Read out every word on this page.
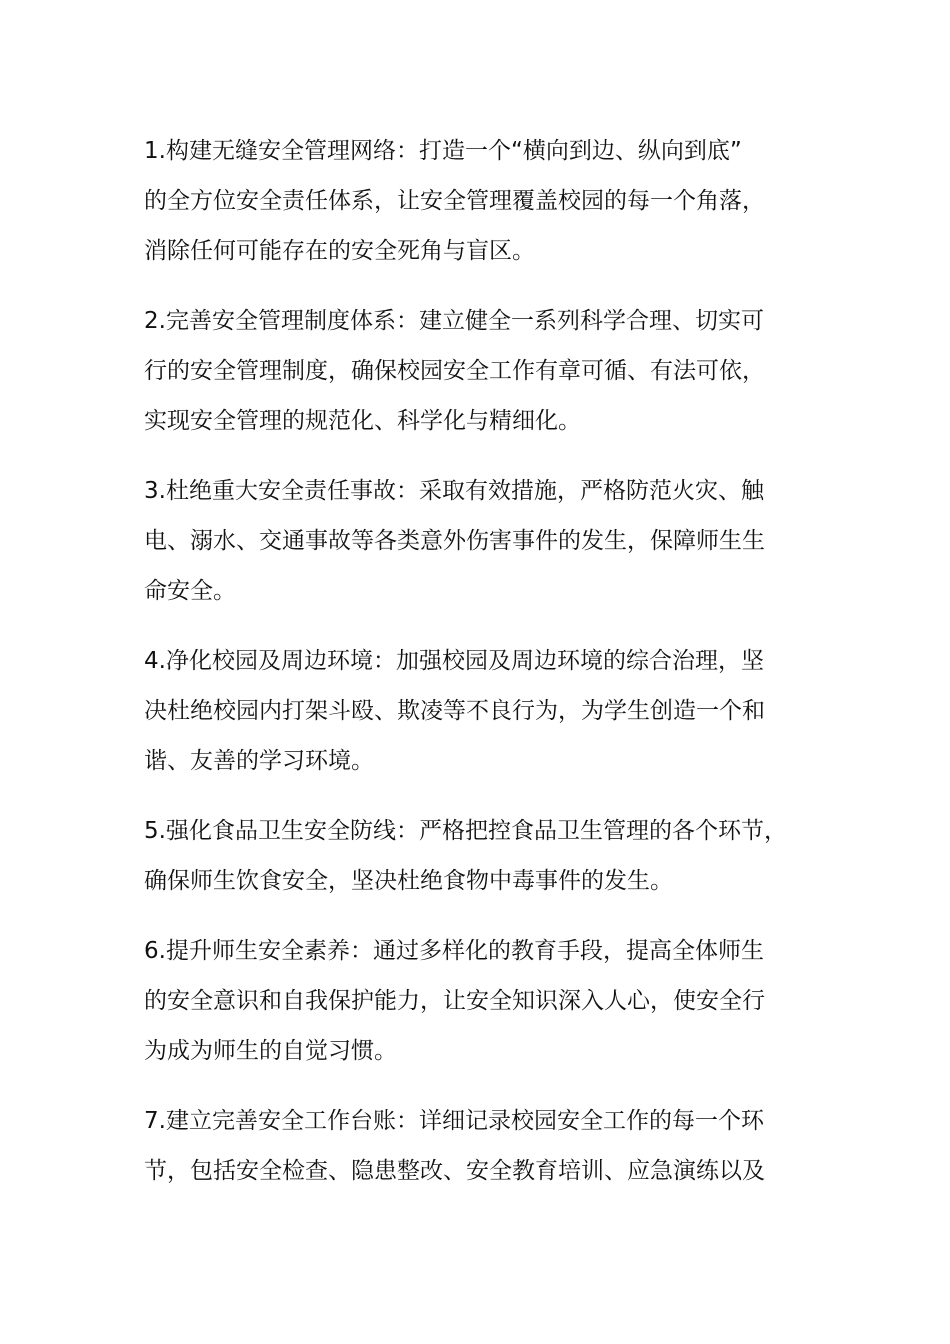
1.构建无缝安全管理网络：打造一个“横向到边、纵向到底”
的全方位安全责任体系，让安全管理覆盖校园的每一个角落，
消除任何可能存在的安全死角与盲区。
2.完善安全管理制度体系：建立健全一系列科学合理、切实可
行的安全管理制度，确保校园安全工作有章可循、有法可依，
实现安全管理的规范化、科学化与精细化。
3.杜绝重大安全责任事故：采取有效措施，严格防范火灾、触
电、溺水、交通事故等各类意外伤害事件的发生，保障师生生
命安全。
4.净化校园及周边环境：加强校园及周边环境的综合治理，坚
决杜绝校园内打架斗殴、欺凌等不良行为，为学生创造一个和
谐、友善的学习环境。
5.强化食品卫生安全防线：严格把控食品卫生管理的各个环节，
确保师生饮食安全，坚决杜绝食物中毒事件的发生。
6.提升师生安全素养：通过多样化的教育手段，提高全体师生
的安全意识和自我保护能力，让安全知识深入人心，使安全行
为成为师生的自觉习惯。
7.建立完善安全工作台账：详细记录校园安全工作的每一个环
节，包括安全检查、隐患整改、安全教育培训、应急演练以及
